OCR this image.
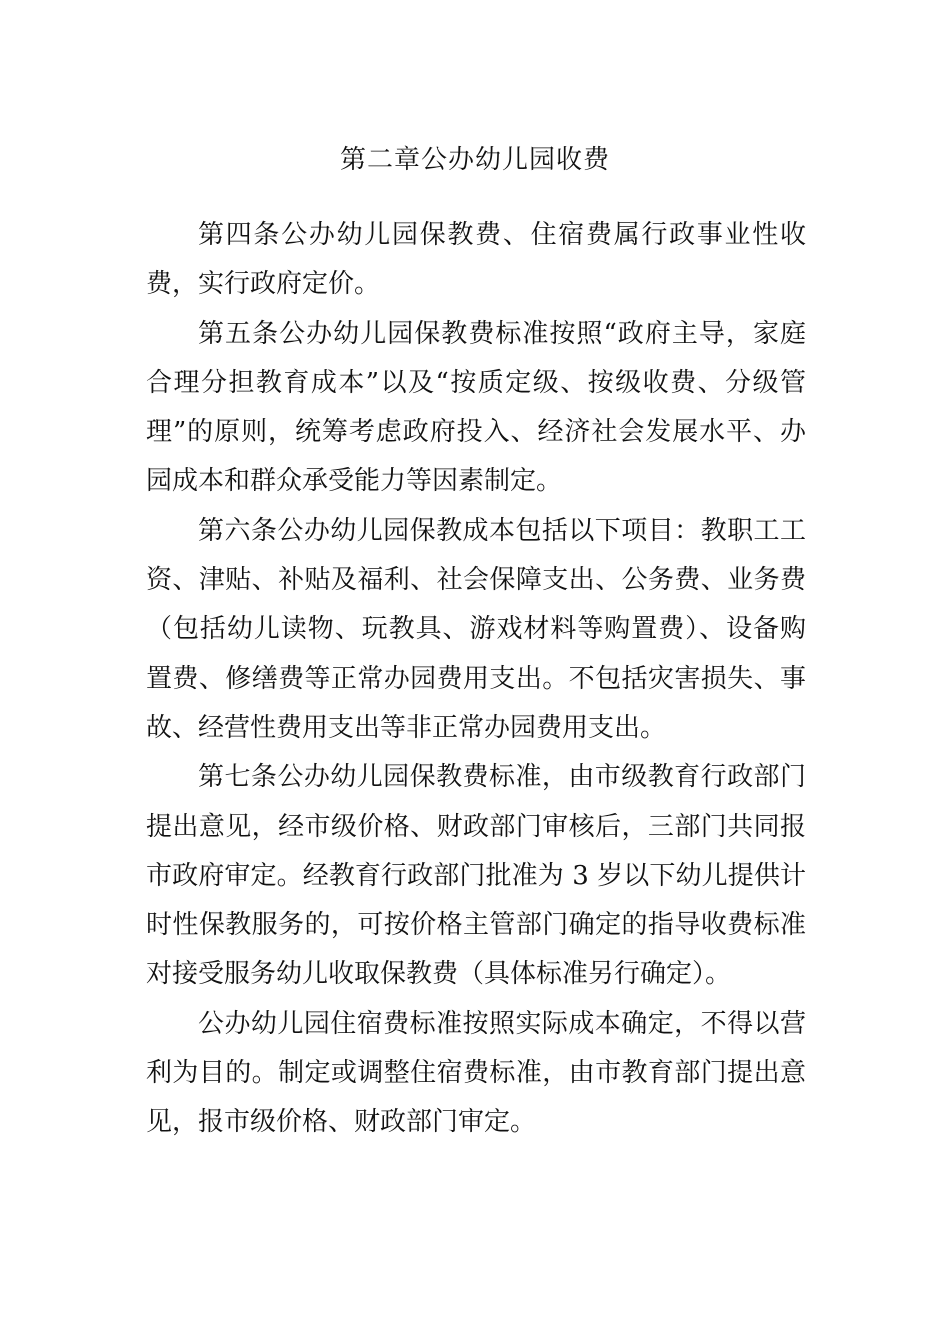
第二章公办幼儿园收费

第四条公办幼儿园保教费、住宿费属行政事业性收费，实行政府定价。

第五条公办幼儿园保教费标准按照“政府主导，家庭合理分担教育成本”以及“按质定级、按级收费、分级管理”的原则，统筹考虑政府投入、经济社会发展水平、办园成本和群众承受能力等因素制定。

第六条公办幼儿园保教成本包括以下项目：教职工工资、津贴、补贴及福利、社会保障支出、公务费、业务费（包括幼儿读物、玩教具、游戏材料等购置费）、设备购置费、修缮费等正常办园费用支出。不包括灾害损失、事故、经营性费用支出等非正常办园费用支出。

第七条公办幼儿园保教费标准，由市级教育行政部门提出意见，经市级价格、财政部门审核后，三部门共同报市政府审定。经教育行政部门批准为 3 岁以下幼儿提供计时性保教服务的，可按价格主管部门确定的指导收费标准对接受服务幼儿收取保教费（具体标准另行确定）。

公办幼儿园住宿费标准按照实际成本确定，不得以营利为目的。制定或调整住宿费标准，由市教育部门提出意见，报市级价格、财政部门审定。
